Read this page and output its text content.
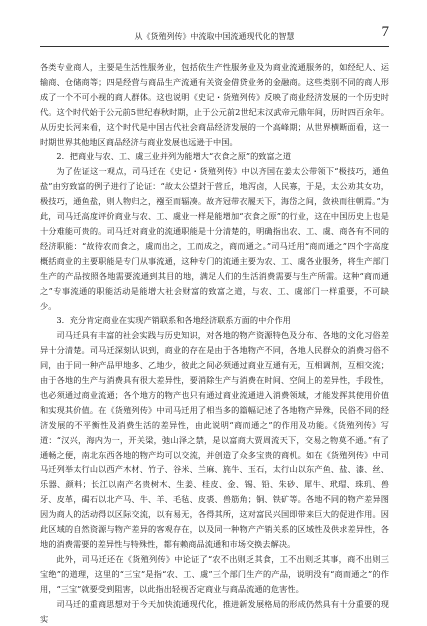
从《货殖列传》中流取中国流通现代化的智慧	7

各类专业商人，主要是生活性服务业，包括依生产性服务业及为商业流通服务的，如经纪人、运输商、仓储商等；四是经营与商品生产流通有关资金借贷业务的金融商。这些类别不同的商人形成了一个不可小视的商人群体。这也说明《史记・货殖列传》反映了商业经济发展的一个历史时代。这个时代始于公元前5世纪春秋时期，止于公元前2世纪末汉武帝元鼎年间，历时四百余年。从历史长河来看，这个时代是中国古代社会商品经济发展的一个高峰期；从世界横断面看，这一时期世界其他地区商品经济与商业发展也远逊于中国。

2．把商业与农、工、虞三业并列为能增大“衣食之原”的致富之道

为了佐证这一观点，司马迁在《史记・货殖列传》中以齐国在姜太公带领下“极技巧，通鱼盐”由穷致富的例子进行了论证：“故太公望封于营丘，地泻卤，人民寡，于是，太公劝其女功，极技巧，通鱼盐，则人物归之，襁至而辐凑。故齐冠带衣履天下，海岱之间，敛袂而往朝焉。”为此，司马迁高度评价商业与农、工、虞业一样是能增加“衣食之原”的行业，这在中国历史上也是十分难能可贵的。司马迁对商业的流通职能是十分清楚的，明确指出农、工、虞、商各有不同的经济职能：“故待农而食之，虞而出之，工而成之，商而通之。”司马迁用“商而通之”四个字高度概括商业的主要职能是专门从事流通，这种专门的流通主要为农、工、虞各业服务，将生产部门生产的产品按照各地需要流通到其目的地，满足人们的生活消费需要与生产所需。这种“商而通之”专事流通的职能活动是能增大社会财富的致富之道，与农、工、虞部门一样重要，不可缺少。

3．充分肯定商业在实现产销联系和各地经济联系方面的中介作用

司马迁具有丰富的社会实践与历史知识，对各地的物产资源特色及分布、各地的文化习俗差异十分清楚。司马迁深刻认识到，商业的存在是由于各地物产不同，各地人民群众的消费习俗不同，由于同一种产品甲地多、乙地少，彼此之间必须通过商业互通有无，互相调剂，互相交流；由于各地的生产与消费具有很大差异性，要消除生产与消费在时间、空间上的差异性，手段性，也必须通过商业流通；各个地方的物产也只有通过商业流通进入消费领域，才能发挥其使用价值和实现其价值。在《货殖列传》中司马迁用了相当多的篇幅记述了各地物产异殊，民俗不同的经济发展的不平衡性及消费生活的差异性，由此说明“商而通之”的作用及功能。《货殖列传》写道：“汉兴，海内为一，开关梁，弛山泽之禁，是以富商大贾周流天下，交易之物莫不通。”有了通畅之便，南北东西各地的物产均可以交流，并创造了众多宝贵的商机。如在《货殖列传》中司马迁列举太行山以西产木材、竹子、谷米、兰麻、旄牛、玉石，太行山以东产鱼、盐、漆、丝、乐器、颜料；长江以南产名贵树木、生姜、桂皮、金、锡、铅、朱砂、犀牛、玳瑁、珠玑、兽牙、皮革，碣石以北产马、牛、羊、毛毡、皮裘、兽筋角；铜、铁矿等。各地不同的物产差异图因为商人的活动得以区际交流，以有易无，各得其所，这对富民兴国即带来巨大的促进作用。因此区域的自然资源与物产差异的客观存在，以及同一种物产产销关系的区域性及供求差异性，各地的消费需要的差异性与特殊性，都有赖商品流通和市场交换去解决。

此外，司马迁还在《货殖列传》中论证了“农不出则乏其食，工不出则乏其事，商不出则三宝绝”的道理，这里的“三宝”是指“农、工、虞”三个部门生产的产品，说明没有“商而通之”的作用，“三宝”就要受到阻害，以此指出轻视否定商业与商品流通的危害性。

司马迁的重商思想对于今天加快流通现代化，推进新发展格局的形成仍然具有十分重要的现实
